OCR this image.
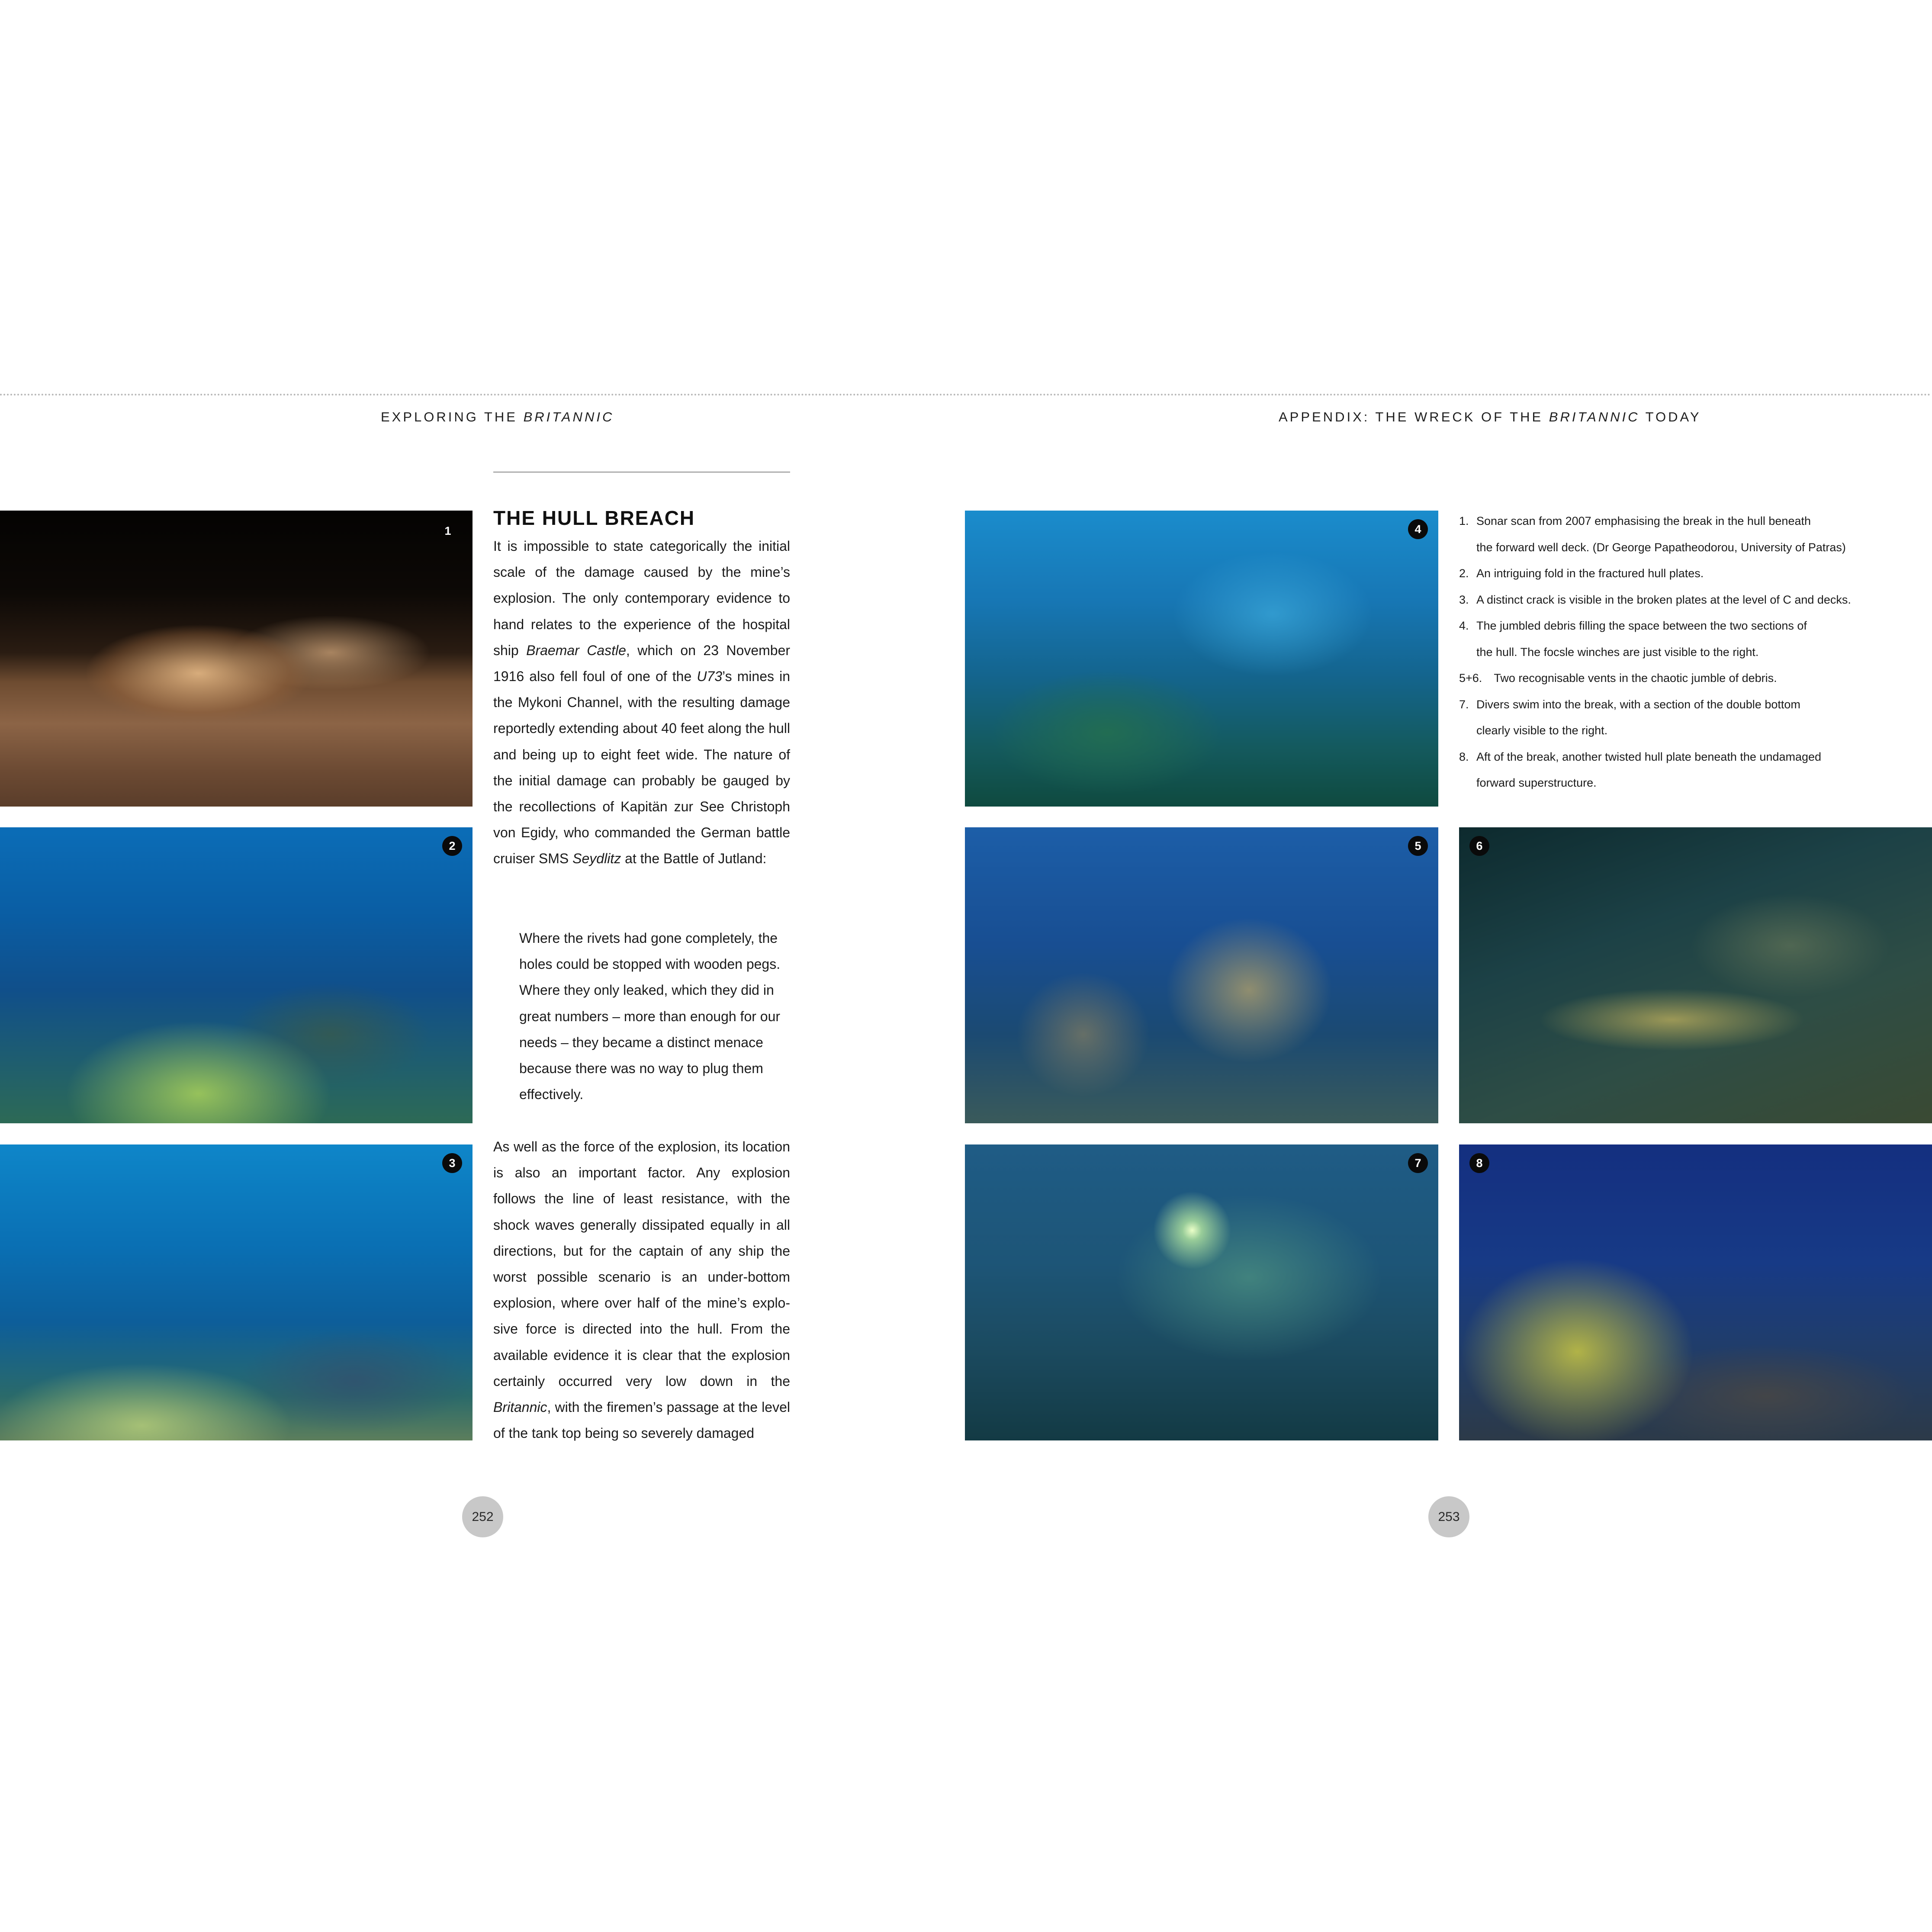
EXPLORING THE BRITANNIC	APPENDIX: THE WRECK OF THE BRITANNIC TODAY
1
2
3
4
5	6
7	8
THE HULL BREACH

It is impossible to state categorically the initial scale of the damage caused by the mine’s explosion. The only contemporary evidence to hand relates to the experience of the hospital ship Braemar Castle, which on 23 November 1916 also fell foul of one of the U73’s mines in the Mykoni Channel, with the resulting damage reportedly extending about 40 feet along the hull and being up to eight feet wide. The nature of the initial damage can probably be gauged by the recollections of Kapitän zur See Christoph von Egidy, who commanded the German battle cruiser SMS Seydlitz at the Battle of Jutland:

Where the rivets had gone completely, the holes could be stopped with wooden pegs. Where they only leaked, which they did in great numbers – more than enough for our needs – they became a distinct menace because there was no way to plug them effectively.

As well as the force of the explosion, its location is also an important factor. Any explosion follows the line of least resistance, with the shock waves generally dissipated equally in all directions, but for the captain of any ship the worst possible scenario is an under-bottom explosion, where over half of the mine’s explosive force is directed into the hull. From the available evidence it is clear that the explosion certainly occurred very low down in the Britannic, with the firemen’s passage at the level of the tank top being so severely damaged

1. Sonar scan from 2007 emphasising the break in the hull beneath
the forward well deck. (Dr George Papatheodorou, University of Patras)
2. An intriguing fold in the fractured hull plates.
3. A distinct crack is visible in the broken plates at the level of C and decks.
4. The jumbled debris filling the space between the two sections of
the hull. The focsle winches are just visible to the right.
5+6. Two recognisable vents in the chaotic jumble of debris.
7. Divers swim into the break, with a section of the double bottom
clearly visible to the right.
8. Aft of the break, another twisted hull plate beneath the undamaged
forward superstructure.
252	253
